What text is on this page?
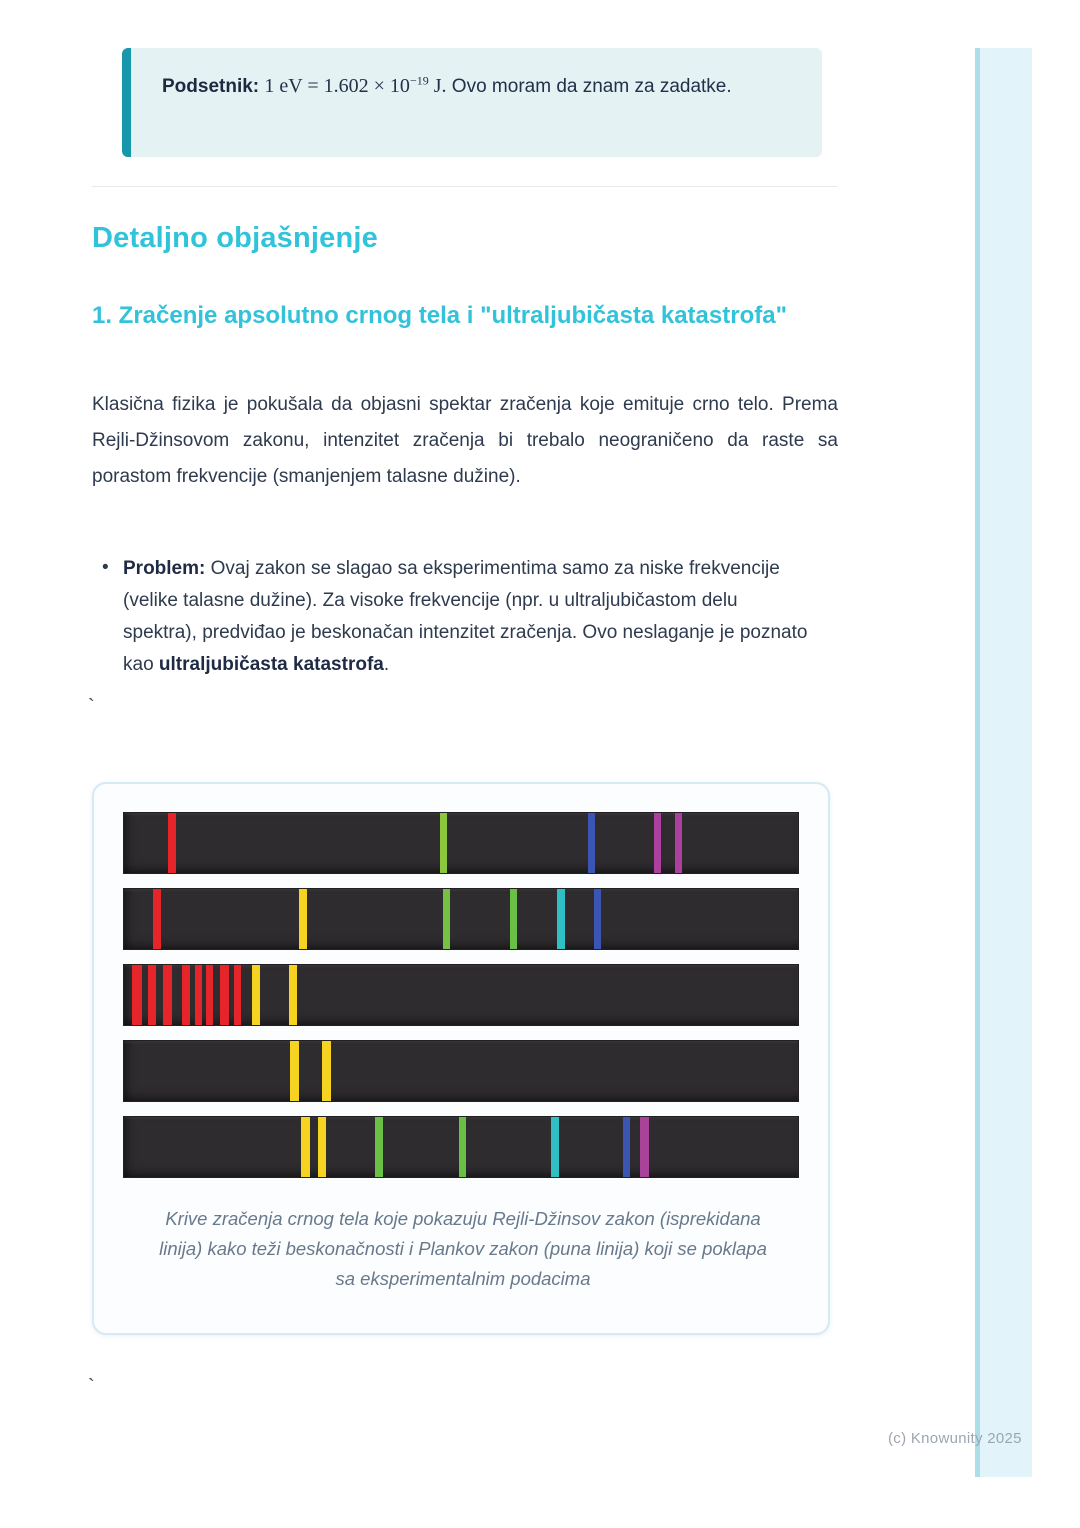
Podsetnik: 1 eV = $1.602 \times 10^{-19}$ J. Ovo moram da znam za zadatke.

Detaljno objašnjenje
1. Zračenje apsolutno crnog tela i "ultraljubičasta katastrofa"

Klasična fizika je pokušala da objasni spektar zračenja koje emituje crno telo. Prema Rejli-Džinsovom zakonu, intenzitet zračenja bi trebalo neograničeno da raste sa porastom frekvencije (smanjenjem talasne dužine).

• Problem: Ovaj zakon se slagao sa eksperimentima samo za niske frekvencije (velike talasne dužine). Za visoke frekvencije (npr. u ultraljubičastom delu spektra), predviđao je beskonačan intenzitet zračenja. Ovo neslaganje je poznato kao ultraljubičasta katastrofa.
`
`
Krive zračenja crnog tela koje pokazuju Rejli-Džinsov zakon (isprekidana linija) kako teži beskonačnosti i Plankov zakon (puna linija) koji se poklapa sa eksperimentalnim podacima
(c) Knowunity 2025
